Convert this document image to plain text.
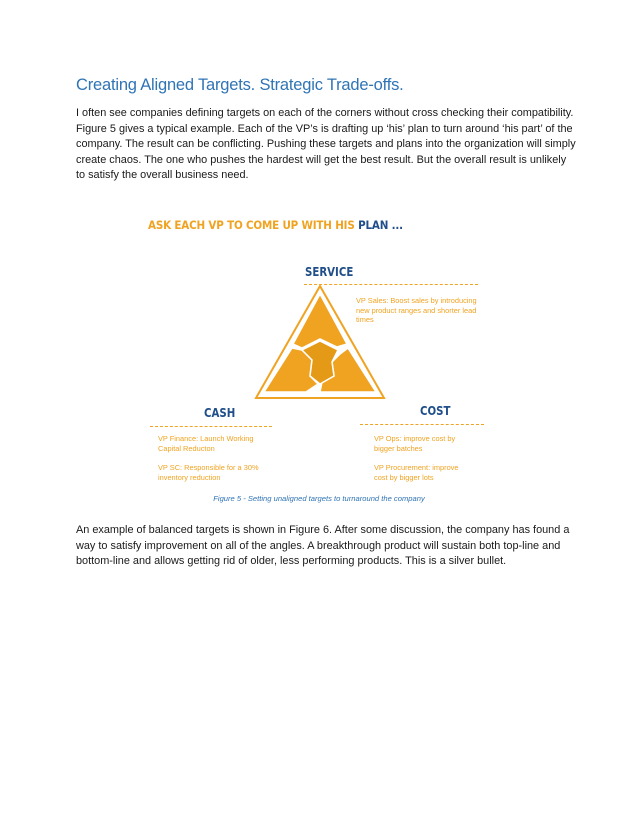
Creating Aligned Targets. Strategic Trade-offs.

I often see companies defining targets on each of the corners without cross checking their compatibility. Figure 5 gives a typical example. Each of the VP’s is drafting up ‘his’ plan to turn around ‘his part’ of the company. The result can be conflicting. Pushing these targets and plans into the organization will simply create chaos. The one who pushes the hardest will get the best result. But the overall result is unlikely to satisfy the overall business need.

ASK EACH VP TO COME UP WITH HIS PLAN ...
SERVICE

VP Sales: Boost sales by introducing new product ranges and shorter lead times

CASH

VP Finance: Launch Working Capital Reducton

VP SC: Responsible for a 30% inventory reduction

COST

VP Ops: improve cost by bigger batches

VP Procurement: improve cost by bigger lots

Figure 5 - Setting unaligned targets to turnaround the company

An example of balanced targets is shown in Figure 6. After some discussion, the company has found a way to satisfy improvement on all of the angles. A breakthrough product will sustain both top-line and bottom-line and allows getting rid of older, less performing products. This is a silver bullet.
